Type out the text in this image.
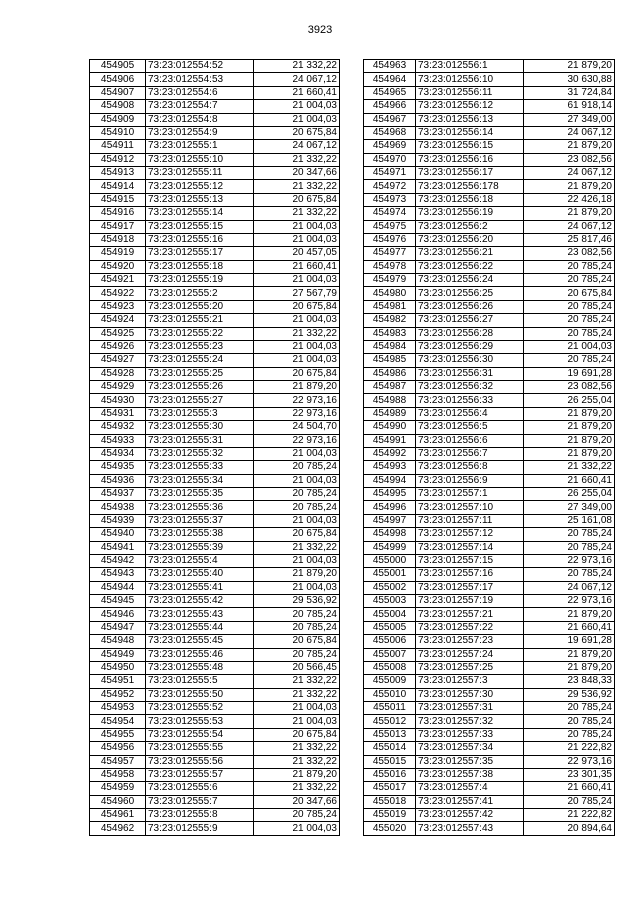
3923
454905	73:23:012554:52	21 332,22
454906	73:23:012554:53	24 067,12
454907	73:23:012554:6	21 660,41
454908	73:23:012554:7	21 004,03
454909	73:23:012554:8	21 004,03
454910	73:23:012554:9	20 675,84
454911	73:23:012555:1	24 067,12
454912	73:23:012555:10	21 332,22
454913	73:23:012555:11	20 347,66
454914	73:23:012555:12	21 332,22
454915	73:23:012555:13	20 675,84
454916	73:23:012555:14	21 332,22
454917	73:23:012555:15	21 004,03
454918	73:23:012555:16	21 004,03
454919	73:23:012555:17	20 457,05
454920	73:23:012555:18	21 660,41
454921	73:23:012555:19	21 004,03
454922	73:23:012555:2	27 567,79
454923	73:23:012555:20	20 675,84
454924	73:23:012555:21	21 004,03
454925	73:23:012555:22	21 332,22
454926	73:23:012555:23	21 004,03
454927	73:23:012555:24	21 004,03
454928	73:23:012555:25	20 675,84
454929	73:23:012555:26	21 879,20
454930	73:23:012555:27	22 973,16
454931	73:23:012555:3	22 973,16
454932	73:23:012555:30	24 504,70
454933	73:23:012555:31	22 973,16
454934	73:23:012555:32	21 004,03
454935	73:23:012555:33	20 785,24
454936	73:23:012555:34	21 004,03
454937	73:23:012555:35	20 785,24
454938	73:23:012555:36	20 785,24
454939	73:23:012555:37	21 004,03
454940	73:23:012555:38	20 675,84
454941	73:23:012555:39	21 332,22
454942	73:23:012555:4	21 004,03
454943	73:23:012555:40	21 879,20
454944	73:23:012555:41	21 004,03
454945	73:23:012555:42	29 536,92
454946	73:23:012555:43	20 785,24
454947	73:23:012555:44	20 785,24
454948	73:23:012555:45	20 675,84
454949	73:23:012555:46	20 785,24
454950	73:23:012555:48	20 566,45
454951	73:23:012555:5	21 332,22
454952	73:23:012555:50	21 332,22
454953	73:23:012555:52	21 004,03
454954	73:23:012555:53	21 004,03
454955	73:23:012555:54	20 675,84
454956	73:23:012555:55	21 332,22
454957	73:23:012555:56	21 332,22
454958	73:23:012555:57	21 879,20
454959	73:23:012555:6	21 332,22
454960	73:23:012555:7	20 347,66
454961	73:23:012555:8	20 785,24
454962	73:23:012555:9	21 004,03
454963	73:23:012556:1	21 879,20
454964	73:23:012556:10	30 630,88
454965	73:23:012556:11	31 724,84
454966	73:23:012556:12	61 918,14
454967	73:23:012556:13	27 349,00
454968	73:23:012556:14	24 067,12
454969	73:23:012556:15	21 879,20
454970	73:23:012556:16	23 082,56
454971	73:23:012556:17	24 067,12
454972	73:23:012556:178	21 879,20
454973	73:23:012556:18	22 426,18
454974	73:23:012556:19	21 879,20
454975	73:23:012556:2	24 067,12
454976	73:23:012556:20	25 817,46
454977	73:23:012556:21	23 082,56
454978	73:23:012556:22	20 785,24
454979	73:23:012556:24	20 785,24
454980	73:23:012556:25	20 675,84
454981	73:23:012556:26	20 785,24
454982	73:23:012556:27	20 785,24
454983	73:23:012556:28	20 785,24
454984	73:23:012556:29	21 004,03
454985	73:23:012556:30	20 785,24
454986	73:23:012556:31	19 691,28
454987	73:23:012556:32	23 082,56
454988	73:23:012556:33	26 255,04
454989	73:23:012556:4	21 879,20
454990	73:23:012556:5	21 879,20
454991	73:23:012556:6	21 879,20
454992	73:23:012556:7	21 879,20
454993	73:23:012556:8	21 332,22
454994	73:23:012556:9	21 660,41
454995	73:23:012557:1	26 255,04
454996	73:23:012557:10	27 349,00
454997	73:23:012557:11	25 161,08
454998	73:23:012557:12	20 785,24
454999	73:23:012557:14	20 785,24
455000	73:23:012557:15	22 973,16
455001	73:23:012557:16	20 785,24
455002	73:23:012557:17	24 067,12
455003	73:23:012557:19	22 973,16
455004	73:23:012557:21	21 879,20
455005	73:23:012557:22	21 660,41
455006	73:23:012557:23	19 691,28
455007	73:23:012557:24	21 879,20
455008	73:23:012557:25	21 879,20
455009	73:23:012557:3	23 848,33
455010	73:23:012557:30	29 536,92
455011	73:23:012557:31	20 785,24
455012	73:23:012557:32	20 785,24
455013	73:23:012557:33	20 785,24
455014	73:23:012557:34	21 222,82
455015	73:23:012557:35	22 973,16
455016	73:23:012557:38	23 301,35
455017	73:23:012557:4	21 660,41
455018	73:23:012557:41	20 785,24
455019	73:23:012557:42	21 222,82
455020	73:23:012557:43	20 894,64
